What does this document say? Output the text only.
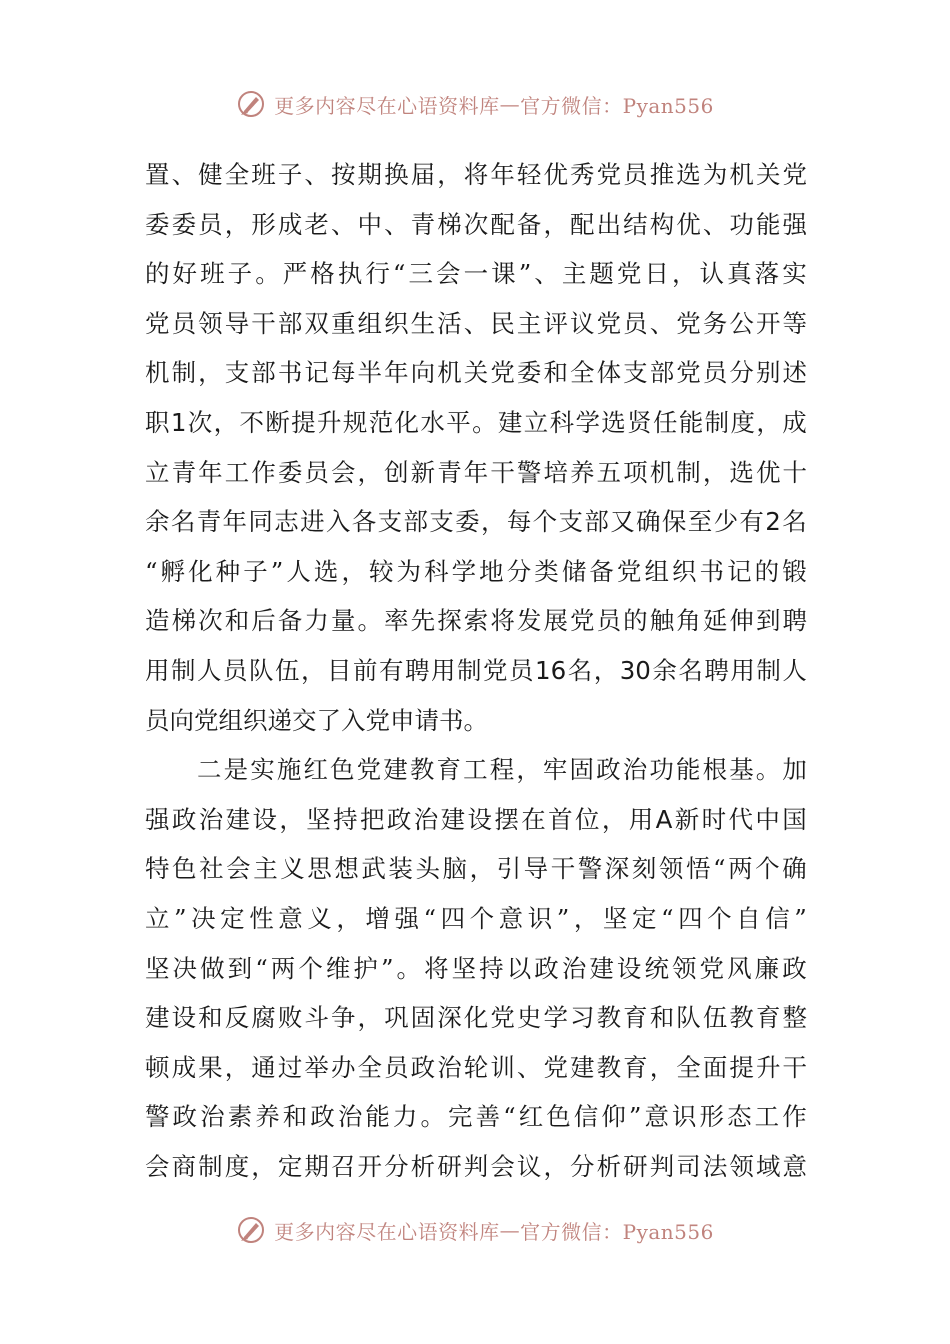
更多内容尽在心语资料库 — 官方微信：Pyan556
置 、 健 全 班 子 、 按 期 换 届 ， 将 年 轻 优 秀 党 员 推 选 为 机 关 党
委 委 员 ， 形 成 老 、 中 、 青 梯 次 配 备 ， 配 出 结 构 优 、 功 能 强
的 好 班 子 。 严 格 执 行 “ 三 会 一 课 ” 、 主 题 党 日 ， 认 真 落 实
党 员 领 导 干 部 双 重 组 织 生 活 、 民 主 评 议 党 员 、 党 务 公 开 等
机 制 ， 支 部 书 记 每 半 年 向 机 关 党 委 和 全 体 支 部 党 员 分 别 述
职 1 次 ， 不 断 提 升 规 范 化 水 平 。 建 立 科 学 选 贤 任 能 制 度 ， 成
立 青 年 工 作 委 员 会 ， 创 新 青 年 干 警 培 养 五 项 机 制 ， 选 优 十
余 名 青 年 同 志 进 入 各 支 部 支 委 ， 每 个 支 部 又 确 保 至 少 有 2 名
“ 孵 化 种 子 ” 人 选 ， 较 为 科 学 地 分 类 储 备 党 组 织 书 记 的 锻
造 梯 次 和 后 备 力 量 。 率 先 探 索 将 发 展 党 员 的 触 角 延 伸 到 聘
用 制 人 员 队 伍 ， 目 前 有 聘 用 制 党 员 16 名 ， 30 余 名 聘 用 制 人
员 向 党 组 织 递 交 了 入 党 申 请 书 。
二 是 实 施 红 色 党 建 教 育 工 程 ， 牢 固 政 治 功 能 根 基 。 加
强 政 治 建 设 ， 坚 持 把 政 治 建 设 摆 在 首 位 ， 用 A 新 时 代 中 国
特 色 社 会 主 义 思 想 武 装 头 脑 ， 引 导 干 警 深 刻 领 悟 “ 两 个 确
立 ” 决 定 性 意 义 ， 增 强 “ 四 个 意 识 ” ， 坚 定 “ 四 个 自 信 ”
坚 决 做 到 “ 两 个 维 护 ” 。 将 坚 持 以 政 治 建 设 统 领 党 风 廉 政
建 设 和 反 腐 败 斗 争 ， 巩 固 深 化 党 史 学 习 教 育 和 队 伍 教 育 整
顿 成 果 ， 通 过 举 办 全 员 政 治 轮 训 、 党 建 教 育 ， 全 面 提 升 干
警 政 治 素 养 和 政 治 能 力 。 完 善 “ 红 色 信 仰 ” 意 识 形 态 工 作
会 商 制 度 ， 定 期 召 开 分 析 研 判 会 议 ， 分 析 研 判 司 法 领 域 意
更多内容尽在心语资料库 — 官方微信：Pyan556
